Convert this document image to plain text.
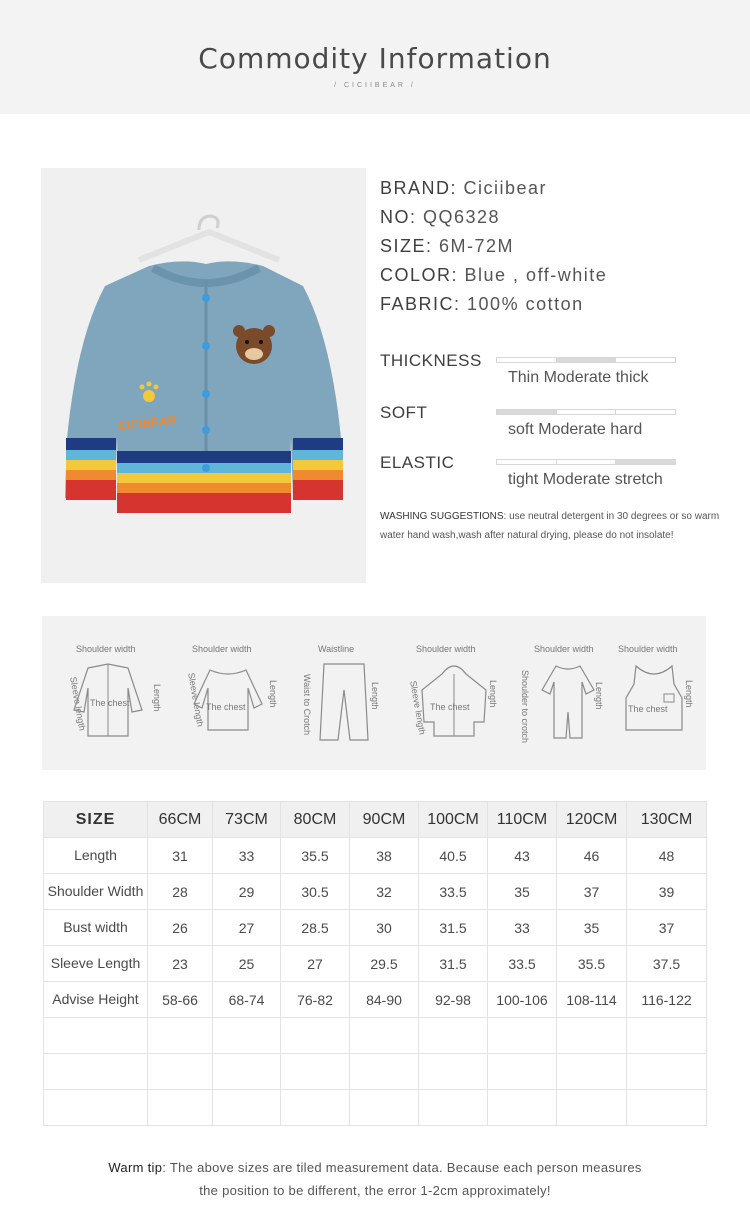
Commodity Information
/ CICIIBEAR /
CICIBEAR
BRAND: Ciciibear
NO: QQ6328
SIZE: 6M-72M
COLOR: Blue , off-white
FABRIC: 100% cotton
THICKNESS
Thin Moderate thick
SOFT
soft Moderate hard
ELASTIC
tight Moderate stretch
WASHING SUGGESTIONS: use neutral detergent in 30 degrees or so warm water hand wash,wash after natural drying, please do not insolate!
Shoulder width
Sleeve length	Length
The chest
Shoulder width
Sleeve length	Length
The chest
Waistline
Waist to Crotch	Length
Shoulder width
Sleeve length	Length
The chest
Shoulder width
Shoulder to crotch	Length
Shoulder width
Length
The chest
SIZE	66CM	73CM	80CM	90CM	100CM	110CM	120CM	130CM
Length	31	33	35.5	38	40.5	43	46	48
Shoulder Width	28	29	30.5	32	33.5	35	37	39
Bust width	26	27	28.5	30	31.5	33	35	37
Sleeve Length	23	25	27	29.5	31.5	33.5	35.5	37.5
Advise Height	58-66	68-74	76-82	84-90	92-98	100-106	108-114	116-122

Warm tip: The above sizes are tiled measurement data. Because each person measures
the position to be different, the error 1-2cm approximately!
